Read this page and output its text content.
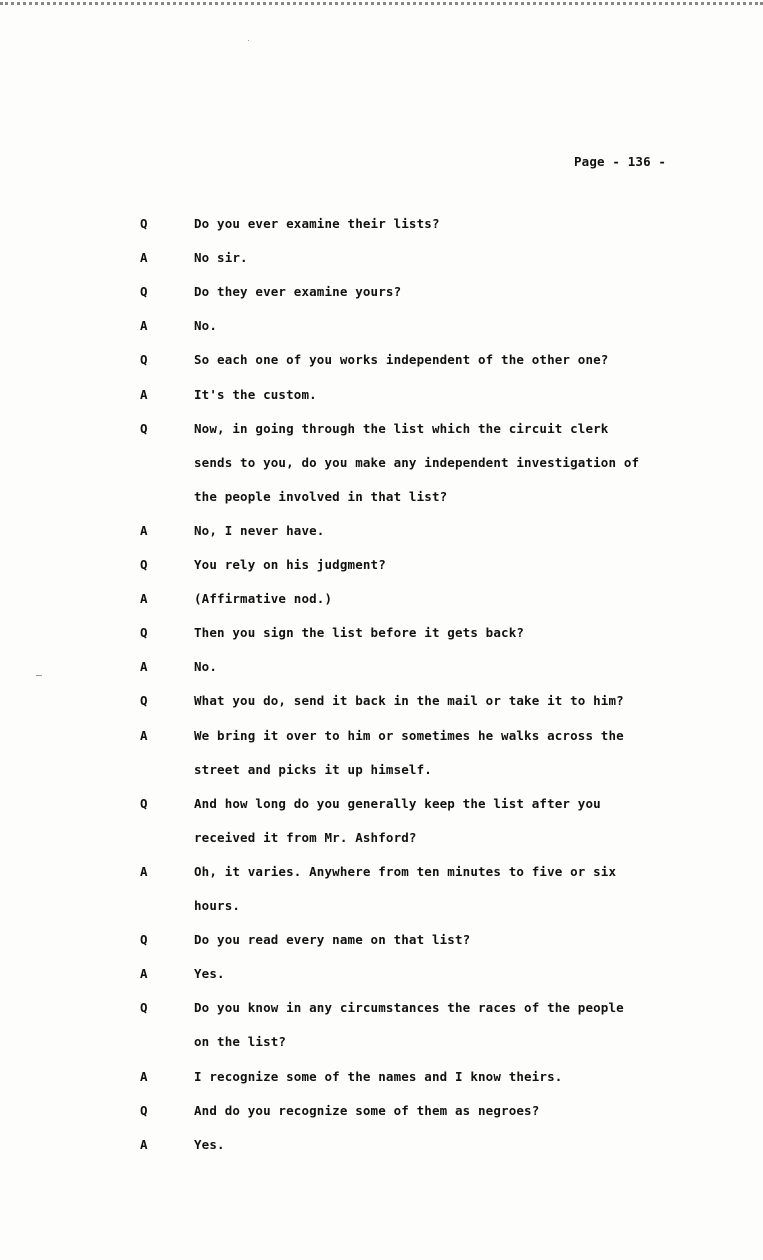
Page - 136 -
Q	Do you ever examine their lists?
A	No sir.
Q	Do they ever examine yours?
A	No.
Q	So each one of you works independent of the other one?
A	It's the custom.
Q	Now, in going through the list which the circuit clerk
sends to you, do you make any independent investigation of
the people involved in that list?
A	No, I never have.
Q	You rely on his judgment?
A	(Affirmative nod.)
Q	Then you sign the list before it gets back?
A	No.
Q	What you do, send it back in the mail or take it to him?
A	We bring it over to him or sometimes he walks across the
street and picks it up himself.
Q	And how long do you generally keep the list after you
received it from Mr. Ashford?
A	Oh, it varies. Anywhere from ten minutes to five or six
hours.
Q	Do you read every name on that list?
A	Yes.
Q	Do you know in any circumstances the races of the people
on the list?
A	I recognize some of the names and I know theirs.
Q	And do you recognize some of them as negroes?
A	Yes.
